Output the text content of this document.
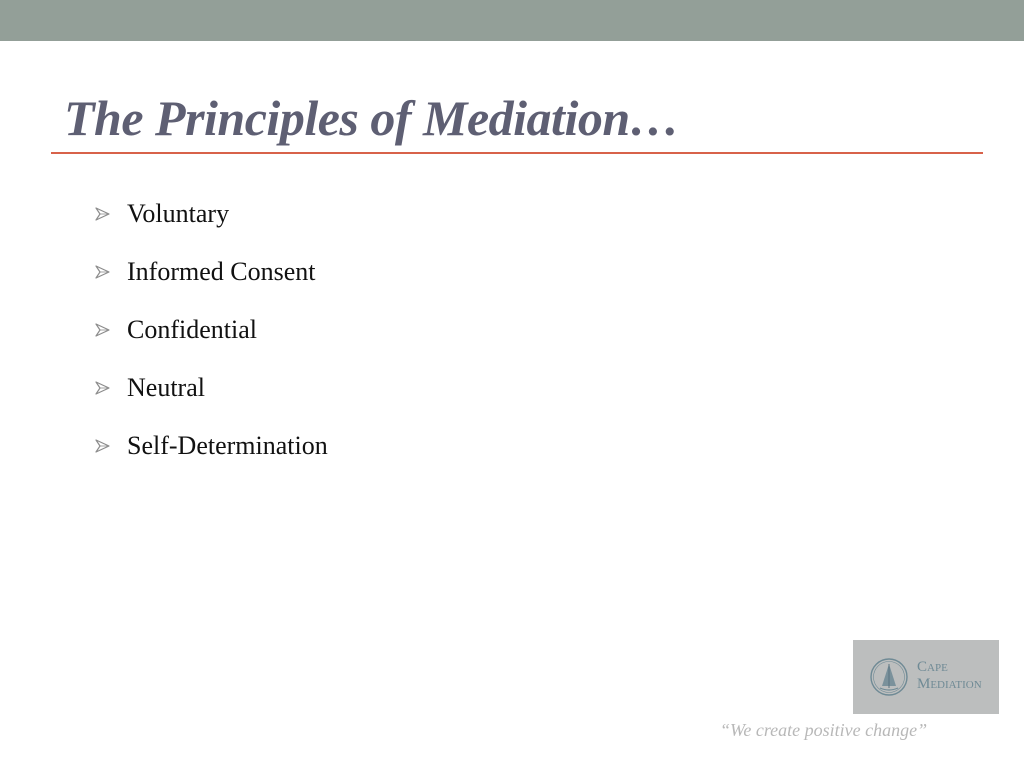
The Principles of Mediation…
Voluntary
Informed Consent
Confidential
Neutral
Self-Determination
Cape
Mediation
“We create positive change”
